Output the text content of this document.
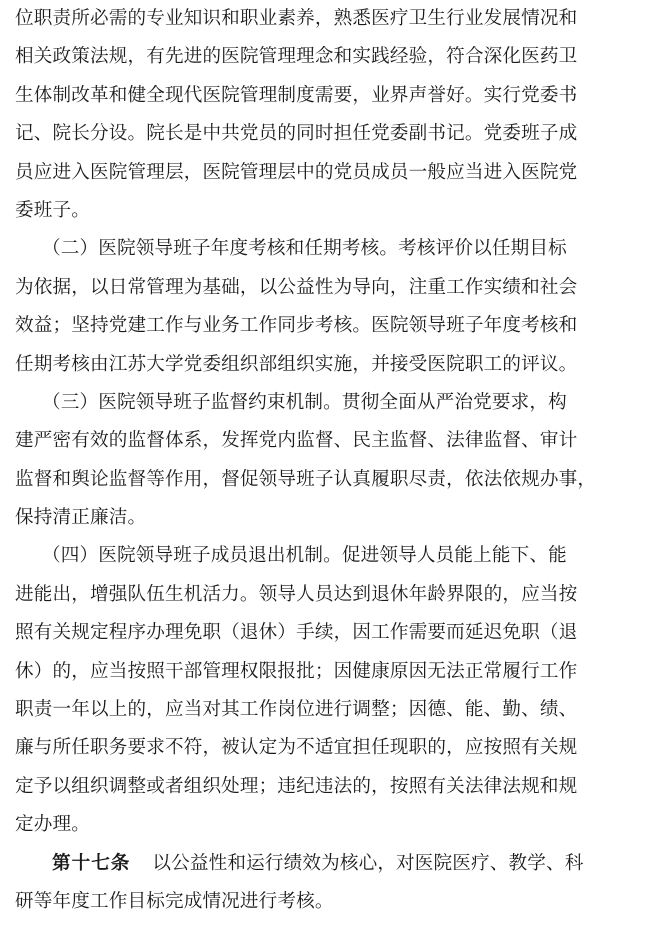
位职责所必需的专业知识和职业素养，熟悉医疗卫生行业发展情况和
相关政策法规，有先进的医院管理理念和实践经验，符合深化医药卫
生体制改革和健全现代医院管理制度需要，业界声誉好。实行党委书
记、院长分设。院长是中共党员的同时担任党委副书记。党委班子成
员应进入医院管理层，医院管理层中的党员成员一般应当进入医院党
委班子。
（二）医院领导班子年度考核和任期考核。考核评价以任期目标
为依据，以日常管理为基础，以公益性为导向，注重工作实绩和社会
效益；坚持党建工作与业务工作同步考核。医院领导班子年度考核和
任期考核由江苏大学党委组织部组织实施，并接受医院职工的评议。
（三）医院领导班子监督约束机制。贯彻全面从严治党要求，构
建严密有效的监督体系，发挥党内监督、民主监督、法律监督、审计
监督和舆论监督等作用，督促领导班子认真履职尽责，依法依规办事，
保持清正廉洁。
（四）医院领导班子成员退出机制。促进领导人员能上能下、能
进能出，增强队伍生机活力。领导人员达到退休年龄界限的，应当按
照有关规定程序办理免职（退休）手续，因工作需要而延迟免职（退
休）的，应当按照干部管理权限报批；因健康原因无法正常履行工作
职责一年以上的，应当对其工作岗位进行调整；因德、能、勤、绩、
廉与所任职务要求不符，被认定为不适宜担任现职的，应按照有关规
定予以组织调整或者组织处理；违纪违法的，按照有关法律法规和规
定办理。
第十七条 以公益性和运行绩效为核心，对医院医疗、教学、科
研等年度工作目标完成情况进行考核。
